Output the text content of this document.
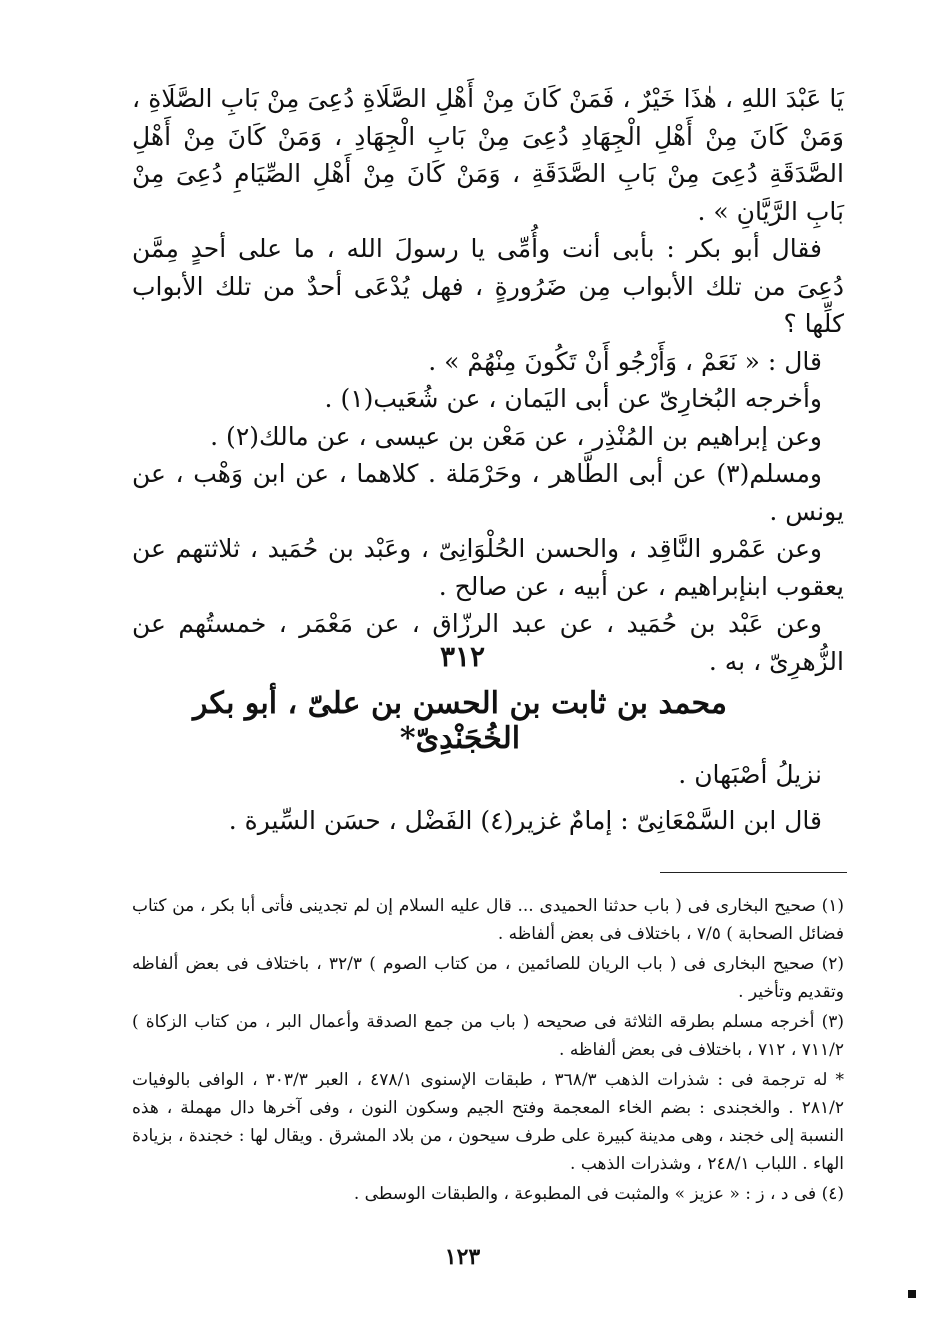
يَا عَبْدَ اللهِ ، هٰذَا خَيْرٌ ، فَمَنْ كَانَ مِنْ أَهْلِ الصَّلَاةِ دُعِىَ مِنْ بَابِ الصَّلَاةِ ، وَمَنْ كَانَ مِنْ أَهْلِ الْجِهَادِ دُعِىَ مِنْ بَابِ الْجِهَادِ ، وَمَنْ كَانَ مِنْ أَهْلِ الصَّدَقَةِ دُعِىَ مِنْ بَابِ الصَّدَقَةِ ، وَمَنْ كَانَ مِنْ أَهْلِ الصِّيَامِ دُعِىَ مِنْ بَابِ الرَّيَّانِ » .

فقال أبو بكر : بأبى أنت وأُمِّى يا رسولَ الله ، ما على أحدٍ مِمَّن دُعِىَ من تلك الأبواب مِن ضَرُورةٍ ، فهل يُدْعَى أحدٌ من تلك الأبواب كلِّها ؟

قال : « نَعَمْ ، وَأَرْجُو أَنْ تَكُونَ مِنْهُمْ » .

وأخرجه البُخارِىّ عن أبى اليَمان ، عن شُعَيب(١) .

وعن إبراهيم بن المُنْذِر ، عن مَعْن بن عيسى ، عن مالك(٢) .

ومسلم(٣) عن أبى الطَّاهر ، وحَرْمَلة . كلاهما ، عن ابن وَهْب ، عن يونس .

وعن عَمْرو النَّاقِد ، والحسن الحُلْوَانِىّ ، وعَبْد بن حُمَيد ، ثلاثتهم عن يعقوب ابنإبراهيم ، عن أبيه ، عن صالح .

وعن عَبْد بن حُمَيد ، عن عبد الرزّاق ، عن مَعْمَر ، خمستُهم عن الزُّهرِىّ ، به .

٣١٢
محمد بن ثابت بن الحسن بن علىّ ، أبو بكر الخُجَنْدِىّ*

نزيلُ أصْبَهان .

قال ابن السَّمْعَانِىّ : إمامٌ غزير(٤) الفَضْل ، حسَن السِّيرة .

(١) صحيح البخارى فى ( باب حدثنا الحميدى ... قال عليه السلام إن لم تجدينى فأتى أبا بكر ، من كتاب فضائل الصحابة ) ٧/٥ ، باختلاف فى بعض ألفاظه .

(٢) صحيح البخارى فى ( باب الريان للصائمين ، من كتاب الصوم ) ٣٢/٣ ، باختلاف فى بعض ألفاظه وتقديم وتأخير .

(٣) أخرجه مسلم بطرقه الثلاثة فى صحيحه ( باب من جمع الصدقة وأعمال البر ، من كتاب الزكاة ) ٧١١/٢ ، ٧١٢ ، باختلاف فى بعض ألفاظه .

* له ترجمة فى : شذرات الذهب ٣٦٨/٣ ، طبقات الإسنوى ٤٧٨/١ ، العبر ٣٠٣/٣ ، الوافى بالوفيات ٢٨١/٢ . والخجندى : بضم الخاء المعجمة وفتح الجيم وسكون النون ، وفى آخرها دال مهملة ، هذه النسبة إلى خجند ، وهى مدينة كبيرة على طرف سيحون ، من بلاد المشرق . ويقال لها : خجندة ، بزيادة الهاء . اللباب ٢٤٨/١ ، وشذرات الذهب .

(٤) فى د ، ز : « عزيز » والمثبت فى المطبوعة ، والطبقات الوسطى .

١٢٣
